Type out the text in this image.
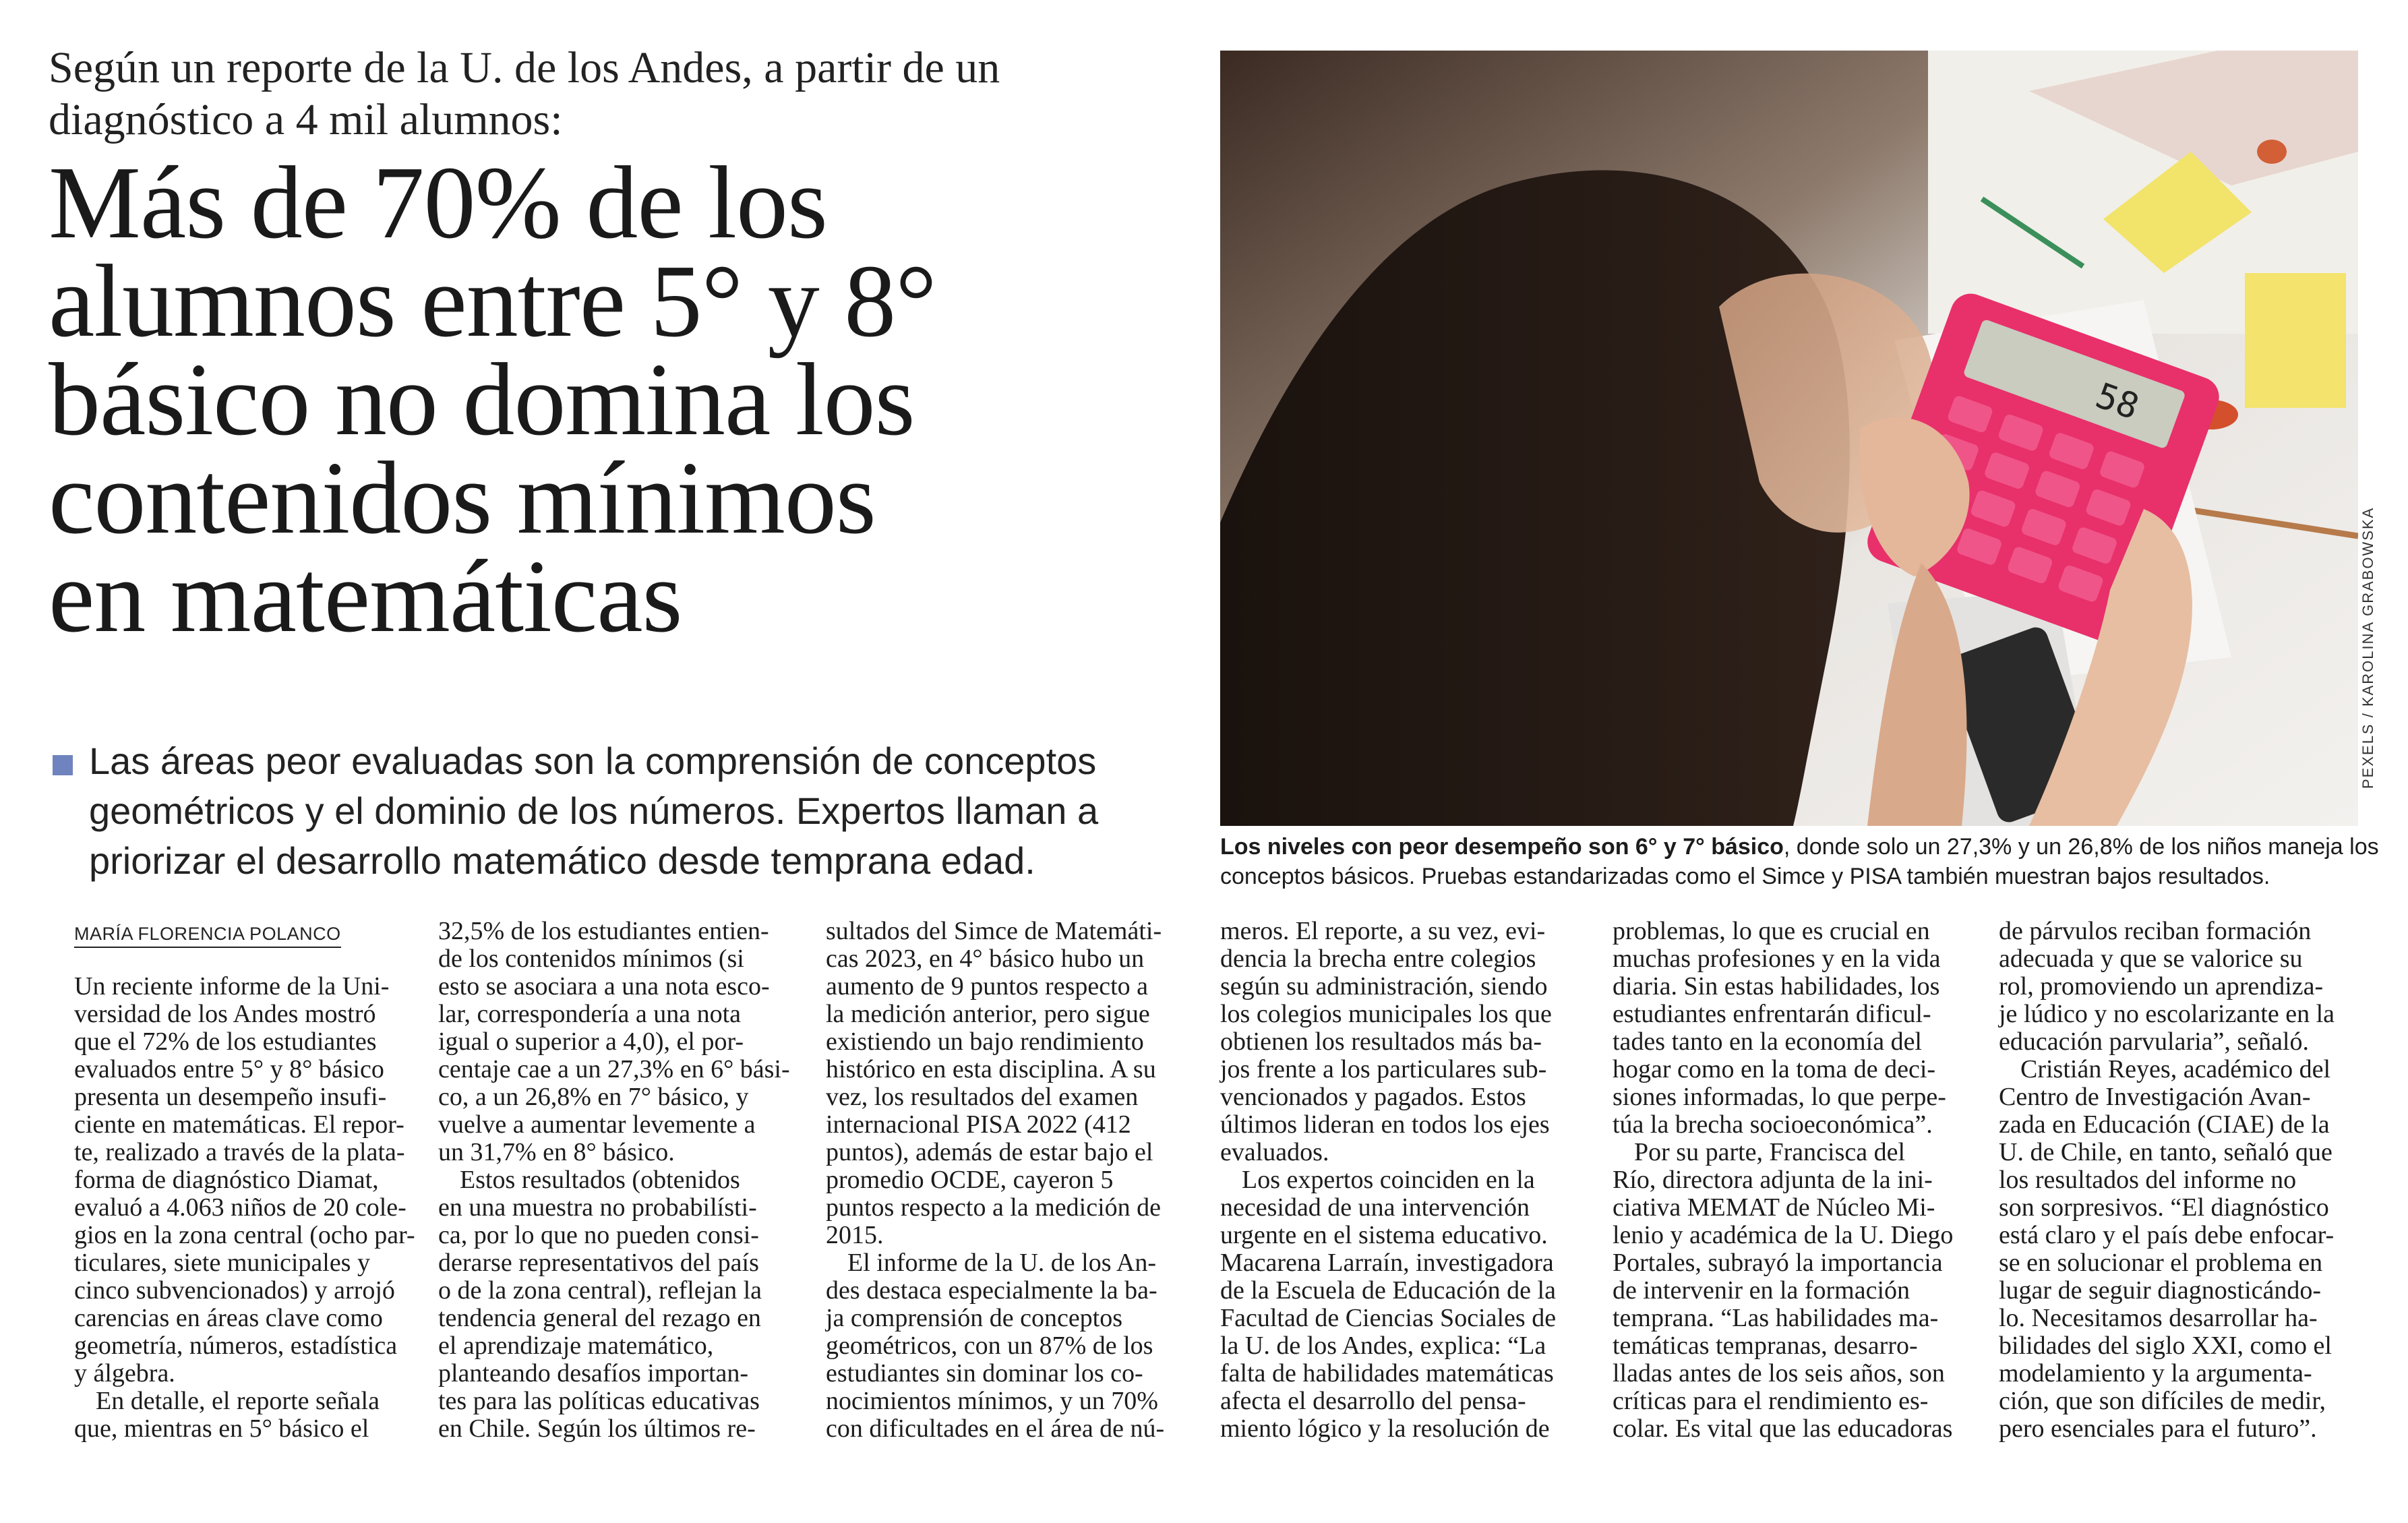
Según un reporte de la U. de los Andes, a partir de un
diagnóstico a 4 mil alumnos:
Más de 70% de los
alumnos entre 5° y 8°
básico no domina los
contenidos mínimos
en matemáticas
Las áreas peor evaluadas son la comprensión de conceptos
geométricos y el dominio de los números. Expertos llaman a
priorizar el desarrollo matemático desde temprana edad.
58
PEXELS / KAROLINA GRABOWSKA
Los niveles con peor desempeño son 6° y 7° básico, donde solo un 27,3% y un 26,8% de los niños maneja los
conceptos básicos. Pruebas estandarizadas como el Simce y PISA también muestran bajos resultados.
MARÍA FLORENCIA POLANCO
Un reciente informe de la Uni-
versidad de los Andes mostró
que el 72% de los estudiantes
evaluados entre 5° y 8° básico
presenta un desempeño insufi-
ciente en matemáticas. El repor-
te, realizado a través de la plata-
forma de diagnóstico Diamat,
evaluó a 4.063 niños de 20 cole-
gios en la zona central (ocho par-
ticulares, siete municipales y
cinco subvencionados) y arrojó
carencias en áreas clave como
geometría, números, estadística
y álgebra.
En detalle, el reporte señala
que, mientras en 5° básico el
32,5% de los estudiantes entien-
de los contenidos mínimos (si
esto se asociara a una nota esco-
lar, correspondería a una nota
igual o superior a 4,0), el por-
centaje cae a un 27,3% en 6° bási-
co, a un 26,8% en 7° básico, y
vuelve a aumentar levemente a
un 31,7% en 8° básico.
Estos resultados (obtenidos
en una muestra no probabilísti-
ca, por lo que no pueden consi-
derarse representativos del país
o de la zona central), reflejan la
tendencia general del rezago en
el aprendizaje matemático,
planteando desafíos importan-
tes para las políticas educativas
en Chile. Según los últimos re-
sultados del Simce de Matemáti-
cas 2023, en 4° básico hubo un
aumento de 9 puntos respecto a
la medición anterior, pero sigue
existiendo un bajo rendimiento
histórico en esta disciplina. A su
vez, los resultados del examen
internacional PISA 2022 (412
puntos), además de estar bajo el
promedio OCDE, cayeron 5
puntos respecto a la medición de
2015.
El informe de la U. de los An-
des destaca especialmente la ba-
ja comprensión de conceptos
geométricos, con un 87% de los
estudiantes sin dominar los co-
nocimientos mínimos, y un 70%
con dificultades en el área de nú-
meros. El reporte, a su vez, evi-
dencia la brecha entre colegios
según su administración, siendo
los colegios municipales los que
obtienen los resultados más ba-
jos frente a los particulares sub-
vencionados y pagados. Estos
últimos lideran en todos los ejes
evaluados.
Los expertos coinciden en la
necesidad de una intervención
urgente en el sistema educativo.
Macarena Larraín, investigadora
de la Escuela de Educación de la
Facultad de Ciencias Sociales de
la U. de los Andes, explica: “La
falta de habilidades matemáticas
afecta el desarrollo del pensa-
miento lógico y la resolución de
problemas, lo que es crucial en
muchas profesiones y en la vida
diaria. Sin estas habilidades, los
estudiantes enfrentarán dificul-
tades tanto en la economía del
hogar como en la toma de deci-
siones informadas, lo que perpe-
túa la brecha socioeconómica”.
Por su parte, Francisca del
Río, directora adjunta de la ini-
ciativa MEMAT de Núcleo Mi-
lenio y académica de la U. Diego
Portales, subrayó la importancia
de intervenir en la formación
temprana. “Las habilidades ma-
temáticas tempranas, desarro-
lladas antes de los seis años, son
críticas para el rendimiento es-
colar. Es vital que las educadoras
de párvulos reciban formación
adecuada y que se valorice su
rol, promoviendo un aprendiza-
je lúdico y no escolarizante en la
educación parvularia”, señaló.
Cristián Reyes, académico del
Centro de Investigación Avan-
zada en Educación (CIAE) de la
U. de Chile, en tanto, señaló que
los resultados del informe no
son sorpresivos. “El diagnóstico
está claro y el país debe enfocar-
se en solucionar el problema en
lugar de seguir diagnosticándo-
lo. Necesitamos desarrollar ha-
bilidades del siglo XXI, como el
modelamiento y la argumenta-
ción, que son difíciles de medir,
pero esenciales para el futuro”.
